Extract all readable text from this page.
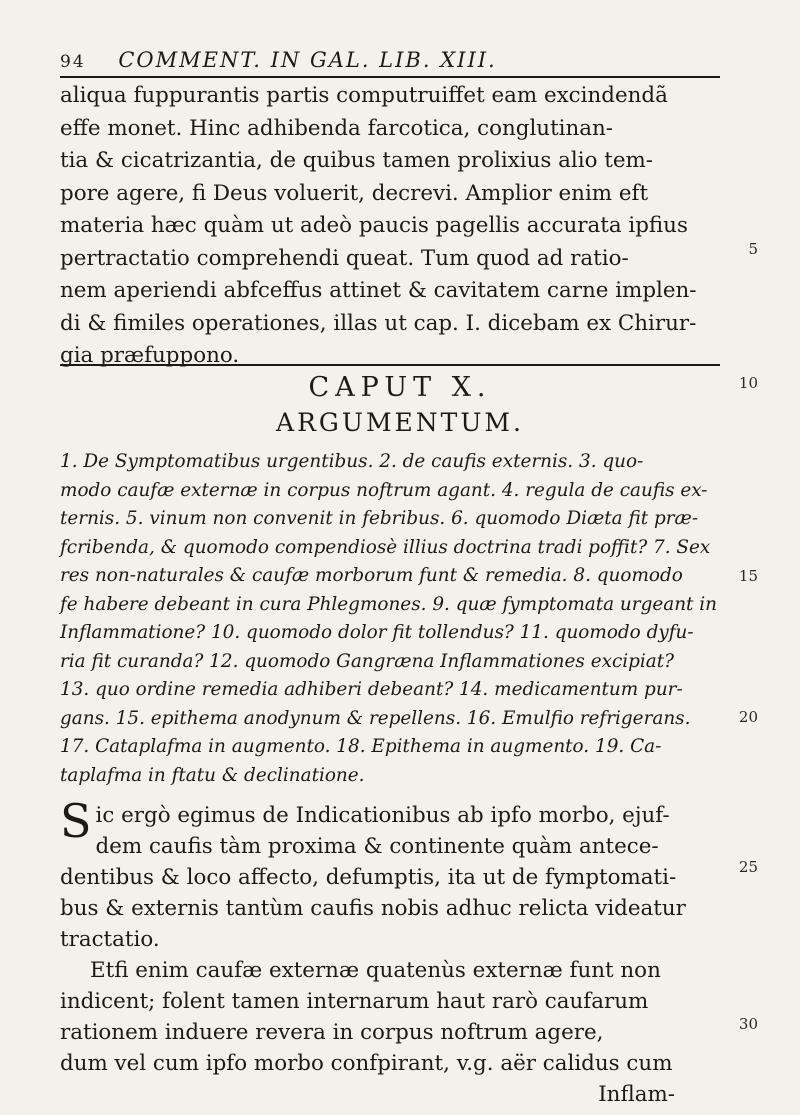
94 COMMENT. IN GAL. LIB. XIII.
aliqua fuppurantis partis computruiffet eam excindendã
effe monet. Hinc adhibenda farcotica, conglutinan-
tia & cicatrizantia, de quibus tamen prolixius alio tem-
pore agere, fi Deus voluerit, decrevi. Amplior enim eft
materia hæc quàm ut adeò paucis pagellis accurata ipfius
pertractatio comprehendi queat. Tum quod ad ratio-
nem aperiendi abfceffus attinet & cavitatem carne implen-
di & fimiles operationes, illas ut cap. I. dicebam ex Chirur-
gia præfuppono.
CAPUT X.
ARGUMENTUM.
1. De Symptomatibus urgentibus. 2. de caufis externis. 3. quo-
modo caufæ externæ in corpus noftrum agant. 4. regula de caufis ex-
ternis. 5. vinum non convenit in febribus. 6. quomodo Diæta fit præ-
fcribenda, & quomodo compendiosè illius doctrina tradi poffit? 7. Sex
res non-naturales & caufæ morborum funt & remedia. 8. quomodo
fe habere debeant in cura Phlegmones. 9. quæ fymptomata urgeant in
Inflammatione? 10. quomodo dolor fit tollendus? 11. quomodo dyfu-
ria fit curanda? 12. quomodo Gangræna Inflammationes excipiat?
13. quo ordine remedia adhiberi debeant? 14. medicamentum pur-
gans. 15. epithema anodynum & repellens. 16. Emulfio refrigerans.
17. Cataplafma in augmento. 18. Epithema in augmento. 19. Ca-
taplafma in ftatu & declinatione.
S ic ergò egimus de Indicationibus ab ipfo morbo, ejuf-
dem caufis tàm proxima & continente quàm antece-
dentibus & loco affecto, defumptis, ita ut de fymptomati-
bus & externis tantùm caufis nobis adhuc relicta videatur
tractatio.
Etfi enim caufæ externæ quatenùs externæ funt non
indicent; folent tamen internarum haut rarò caufarum
rationem induere revera in corpus noftrum agere,
dum vel cum ipfo morbo confpirant, v.g. aër calidus cum
Inflam-
5
10
15
20
25
30
